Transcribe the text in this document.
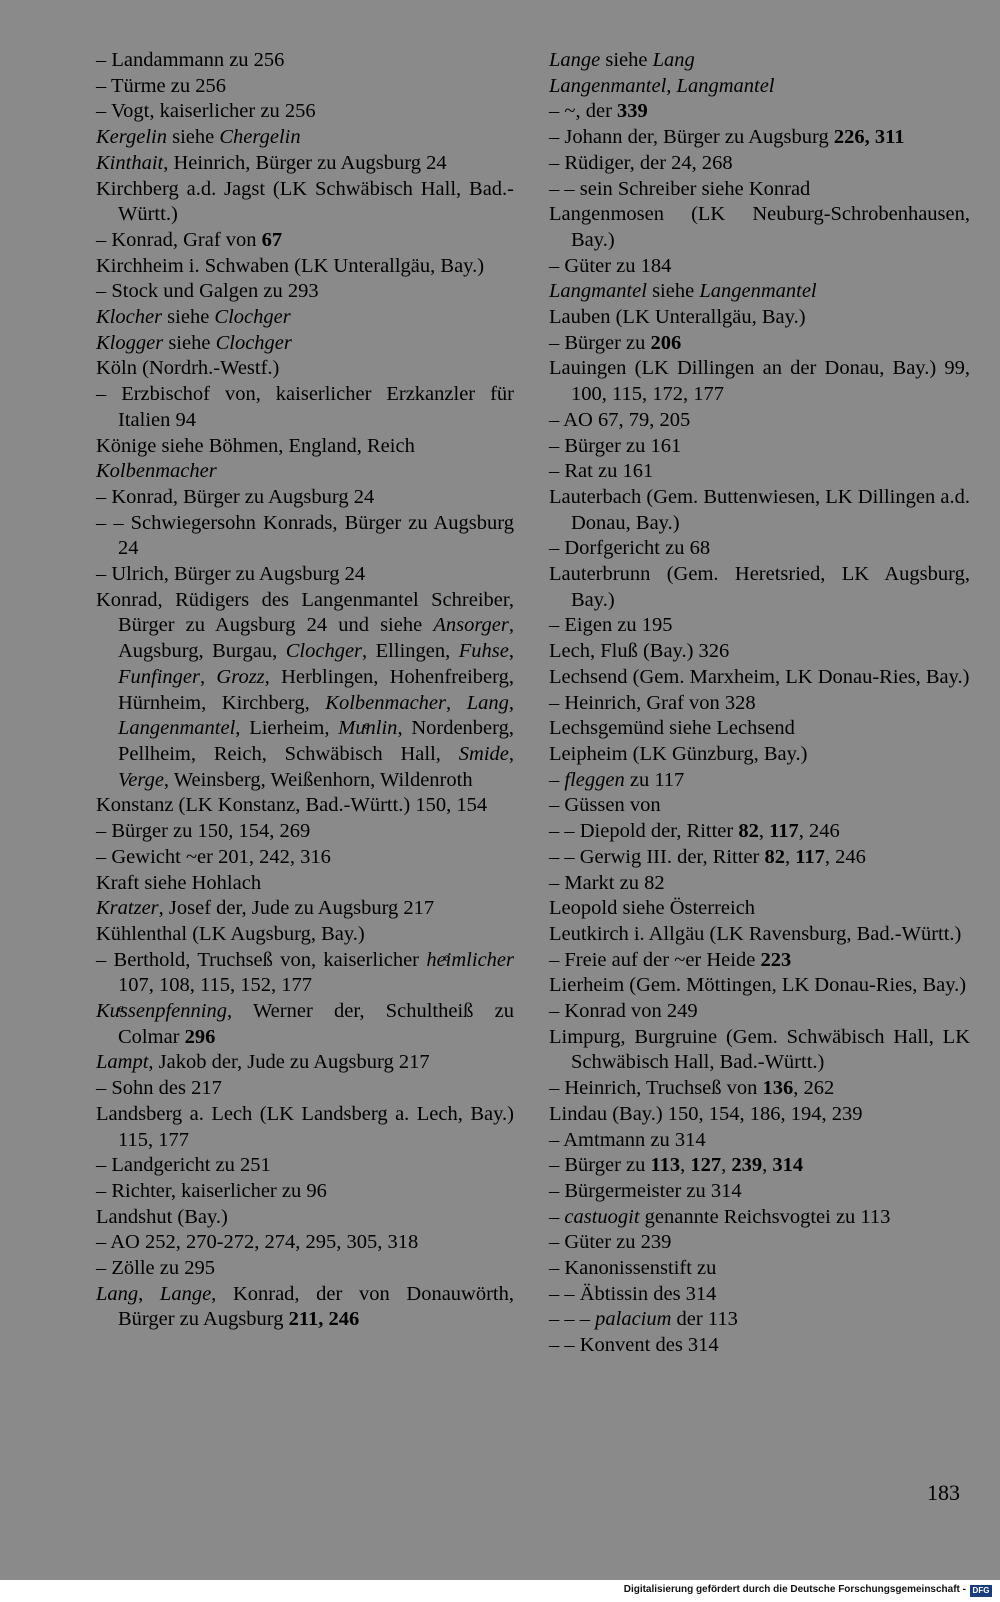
– Landammann zu 256
– Türme zu 256
– Vogt, kaiserlicher zu 256
Kergelin siehe Chergelin
Kinthait, Heinrich, Bürger zu Augsburg 24
Kirchberg a.d. Jagst (LK Schwäbisch Hall, Bad.-Württ.)
– Konrad, Graf von 67
Kirchheim i. Schwaben (LK Unterallgäu, Bay.)
– Stock und Galgen zu 293
Klocher siehe Clochger
Klogger siehe Clochger
Köln (Nordrh.-Westf.)
– Erzbischof von, kaiserlicher Erzkanzler für Italien 94
Könige siehe Böhmen, England, Reich
Kolbenmacher
– Konrad, Bürger zu Augsburg 24
– – Schwiegersohn Konrads, Bürger zu Augsburg 24
– Ulrich, Bürger zu Augsburg 24
Konrad, Rüdigers des Langenmantel Schreiber, Bürger zu Augsburg 24 und siehe Ansorger, Augsburg, Burgau, Clochger, Ellingen, Fuhse, Funfinger, Grozz, Herblingen, Hohenfreiberg, Hürnheim, Kirchberg, Kolbenmacher, Lang, Langenmantel, Lierheim, Muͤnlin, Nordenberg, Pellheim, Reich, Schwäbisch Hall, Smide, Verge, Weinsberg, Weißenhorn, Wildenroth
Konstanz (LK Konstanz, Bad.-Württ.) 150, 154
– Bürger zu 150, 154, 269
– Gewicht ~er 201, 242, 316
Kraft siehe Hohlach
Kratzer, Josef der, Jude zu Augsburg 217
Kühlenthal (LK Augsburg, Bay.)
– Berthold, Truchseß von, kaiserlicher heͤimlicher 107, 108, 115, 152, 177
Kuͤssenpfenning, Werner der, Schultheiß zu Colmar 296
Lampt, Jakob der, Jude zu Augsburg 217
– Sohn des 217
Landsberg a. Lech (LK Landsberg a. Lech, Bay.) 115, 177
– Landgericht zu 251
– Richter, kaiserlicher zu 96
Landshut (Bay.)
– AO 252, 270-272, 274, 295, 305, 318
– Zölle zu 295
Lang, Lange, Konrad, der von Donauwörth, Bürger zu Augsburg 211, 246
Lange siehe Lang
Langenmantel, Langmantel
– ~, der 339
– Johann der, Bürger zu Augsburg 226, 311
– Rüdiger, der 24, 268
– – sein Schreiber siehe Konrad
Langenmosen (LK Neuburg-Schrobenhausen, Bay.)
– Güter zu 184
Langmantel siehe Langenmantel
Lauben (LK Unterallgäu, Bay.)
– Bürger zu 206
Lauingen (LK Dillingen an der Donau, Bay.) 99, 100, 115, 172, 177
– AO 67, 79, 205
– Bürger zu 161
– Rat zu 161
Lauterbach (Gem. Buttenwiesen, LK Dillingen a.d. Donau, Bay.)
– Dorfgericht zu 68
Lauterbrunn (Gem. Heretsried, LK Augsburg, Bay.)
– Eigen zu 195
Lech, Fluß (Bay.) 326
Lechsend (Gem. Marxheim, LK Donau-Ries, Bay.)
– Heinrich, Graf von 328
Lechsgemünd siehe Lechsend
Leipheim (LK Günzburg, Bay.)
– fleggen zu 117
– Güssen von
– – Diepold der, Ritter 82, 117, 246
– – Gerwig III. der, Ritter 82, 117, 246
– Markt zu 82
Leopold siehe Österreich
Leutkirch i. Allgäu (LK Ravensburg, Bad.-Württ.)
– Freie auf der ~er Heide 223
Lierheim (Gem. Möttingen, LK Donau-Ries, Bay.)
– Konrad von 249
Limpurg, Burgruine (Gem. Schwäbisch Hall, LK Schwäbisch Hall, Bad.-Württ.)
– Heinrich, Truchseß von 136, 262
Lindau (Bay.) 150, 154, 186, 194, 239
– Amtmann zu 314
– Bürger zu 113, 127, 239, 314
– Bürgermeister zu 314
– castuogit genannte Reichsvogtei zu 113
– Güter zu 239
– Kanonissenstift zu
– – Äbtissin des 314
– – – palacium der 113
– – Konvent des 314
183
Digitalisierung gefördert durch die Deutsche Forschungsgemeinschaft - DFG
